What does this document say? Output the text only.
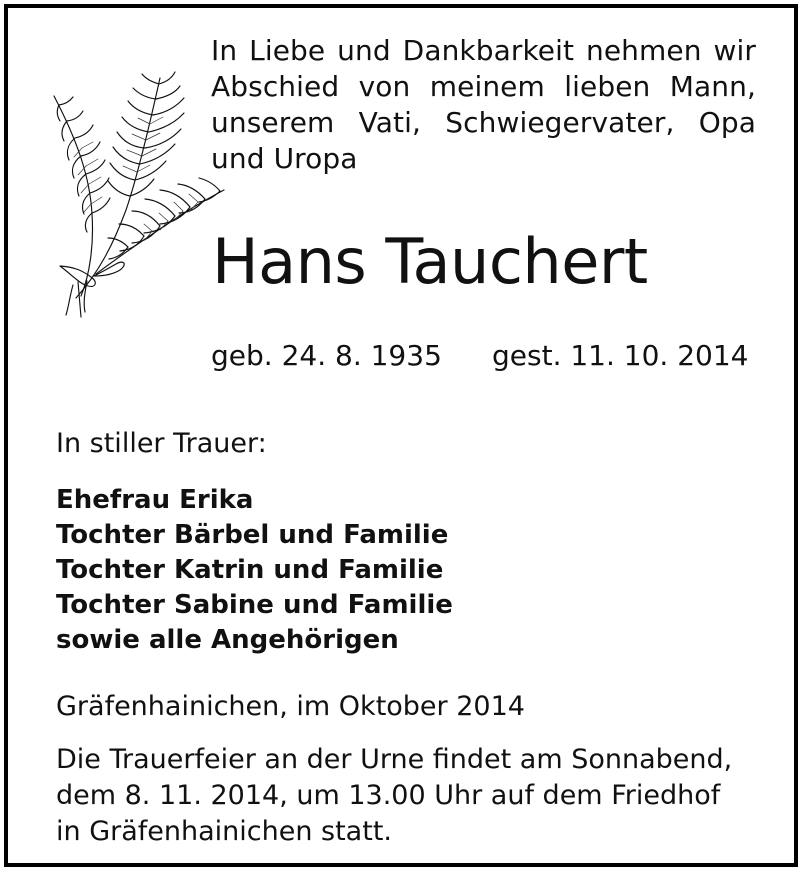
In Liebe und Dankbarkeit nehmen wir
Abschied von meinem lieben Mann,
unserem Vati, Schwiegervater, Opa
und Uropa
Hans Tauchert
geb. 24. 8. 1935 gest. 11. 10. 2014
In stiller Trauer:
Ehefrau Erika
Tochter Bärbel und Familie
Tochter Katrin und Familie
Tochter Sabine und Familie
sowie alle Angehörigen
Gräfenhainichen, im Oktober 2014
Die Trauerfeier an der Urne findet am Sonnabend,
dem 8. 11. 2014, um 13.00 Uhr auf dem Friedhof
in Gräfenhainichen statt.
